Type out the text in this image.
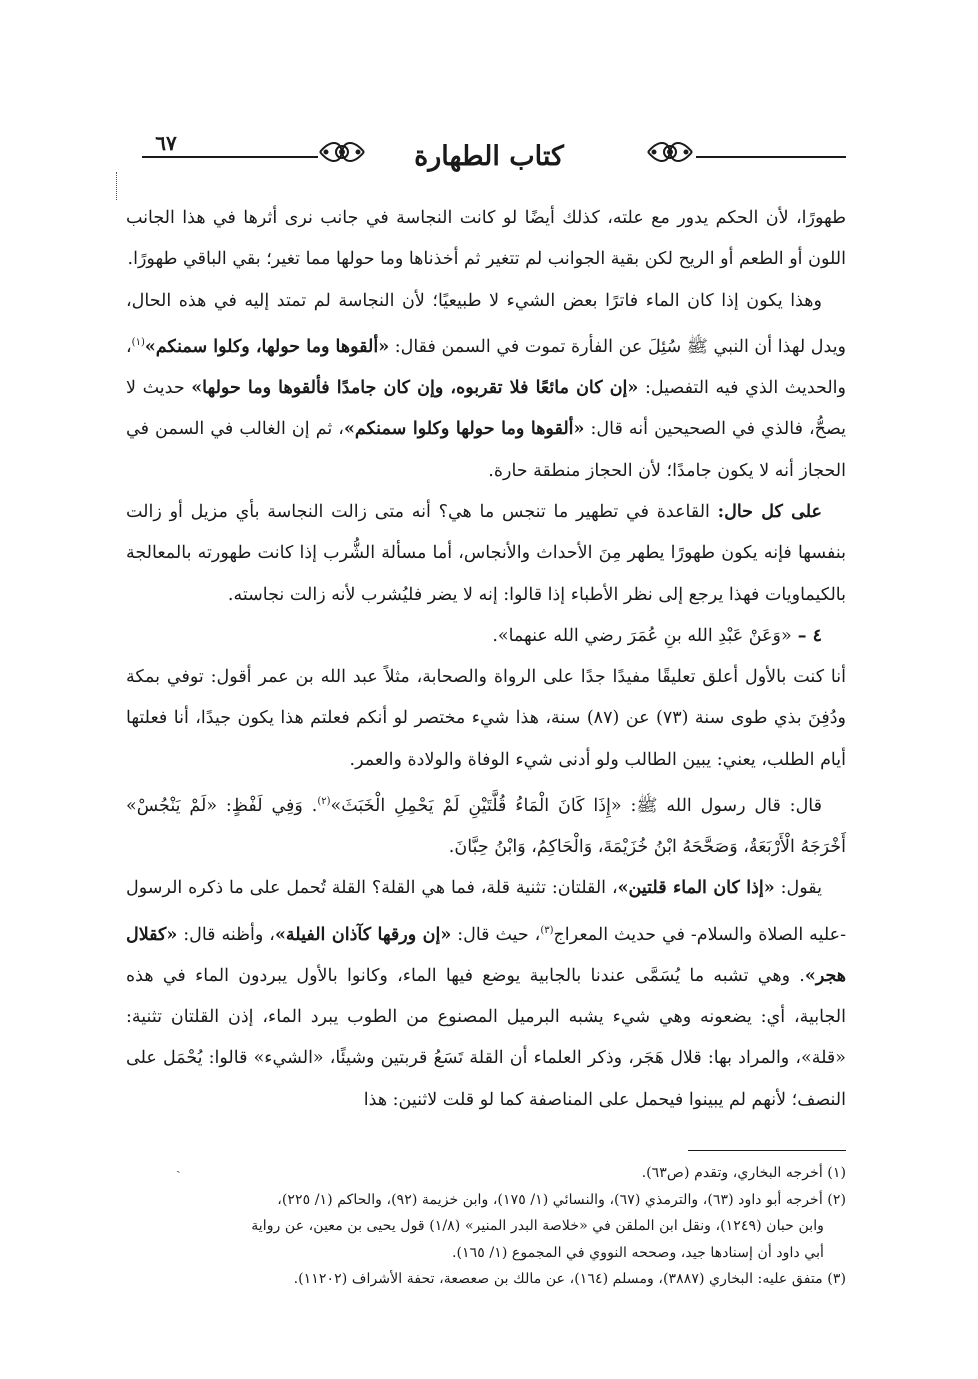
٦٧	كتاب الطهارة

طهورًا، لأن الحكم يدور مع علته، كذلك أيضًا لو كانت النجاسة في جانب نرى أثرها في هذا الجانب اللون أو الطعم أو الريح لكن بقية الجوانب لم تتغير ثم أخذناها وما حولها مما تغير؛ بقي الباقي طهورًا.

وهذا يكون إذا كان الماء فاترًا بعض الشيء لا طبيعيًا؛ لأن النجاسة لم تمتد إليه في هذه الحال، ويدل لهذا أن النبي ﷺ سُئِلَ عن الفأرة تموت في السمن فقال: «ألقوها وما حولها، وكلوا سمنكم»$^{(١)}$، والحديث الذي فيه التفصيل: «إن كان مائعًا فلا تقربوه، وإن كان جامدًا فألقوها وما حولها» حديث لا يصحُّ، فالذي في الصحيحين أنه قال: «ألقوها وما حولها وكلوا سمنكم»، ثم إن الغالب في السمن في الحجاز أنه لا يكون جامدًا؛ لأن الحجاز منطقة حارة.

على كل حال: القاعدة في تطهير ما تنجس ما هي؟ أنه متى زالت النجاسة بأي مزيل أو زالت بنفسها فإنه يكون طهورًا يطهر مِنَ الأحداث والأنجاس، أما مسألة الشُّرب إذا كانت طهورته بالمعالجة بالكيماويات فهذا يرجع إلى نظر الأطباء إذا قالوا: إنه لا يضر فليُشرب لأنه زالت نجاسته.

٤ – «وَعَنْ عَبْدِ الله بنِ عُمَرَ رضي الله عنهما».

أنا كنت بالأول أعلق تعليقًا مفيدًا جدًا على الرواة والصحابة، مثلاً عبد الله بن عمر أقول: توفي بمكة ودُفِنَ بذي طوى سنة (٧٣) عن (٨٧) سنة، هذا شيء مختصر لو أنكم فعلتم هذا يكون جيدًا، أنا فعلتها أيام الطلب، يعني: يبين الطالب ولو أدنى شيء الوفاة والولادة والعمر.

قال: قال رسول الله ﷺ: «إِذَا كَانَ الْمَاءُ قُلَّتَيْنِ لَمْ يَحْمِلِ الْخَبَثَ»$^{(٢)}$. وَفِي لَفْظٍ: «لَمْ يَنْجُسْ» أَخْرَجَهُ الْأَرْبَعَةُ، وَصَحَّحَهُ ابْنُ خُزَيْمَةَ، وَالْحَاكِمُ، وَابْنُ حِبَّانَ.

يقول: «إذا كان الماء قلتين»، القلتان: تثنية قلة، فما هي القلة؟ القلة تُحمل على ما ذكره الرسول -عليه الصلاة والسلام- في حديث المعراج$^{(٣)}$، حيث قال: «إن ورقها كآذان الفيلة»، وأظنه قال: «كقلال هجر». وهي تشبه ما يُسَمَّى عندنا بالجابية يوضع فيها الماء، وكانوا بالأول يبردون الماء في هذه الجابية، أي: يضعونه وهي شيء يشبه البرميل المصنوع من الطوب يبرد الماء، إذن القلتان تثنية: «قلة»، والمراد بها: قلال هَجَر، وذكر العلماء أن القلة تَسَعُ قربتين وشيئًا، «الشيء» قالوا: يُحْمَل على النصف؛ لأنهم لم يبينوا فيحمل على المناصفة كما لو قلت لاثنين: هذا

ˎ	(١) أخرجه البخاري، وتقدم (ص٦٣).

(٢) أخرجه أبو داود (٦٣)، والترمذي (٦٧)، والنسائي (١/ ١٧٥)، وابن خزيمة (٩٢)، والحاكم (١/ ٢٢٥)،

وابن حبان (١٢٤٩)، ونقل ابن الملقن في «خلاصة البدر المنير» (١/٨) قول يحيى بن معين، عن رواية

أبي داود أن إسنادها جيد، وصححه النووي في المجموع (١/ ١٦٥).

(٣) متفق عليه: البخاري (٣٨٨٧)، ومسلم (١٦٤)، عن مالك بن صعصعة، تحفة الأشراف (١١٢٠٢).
